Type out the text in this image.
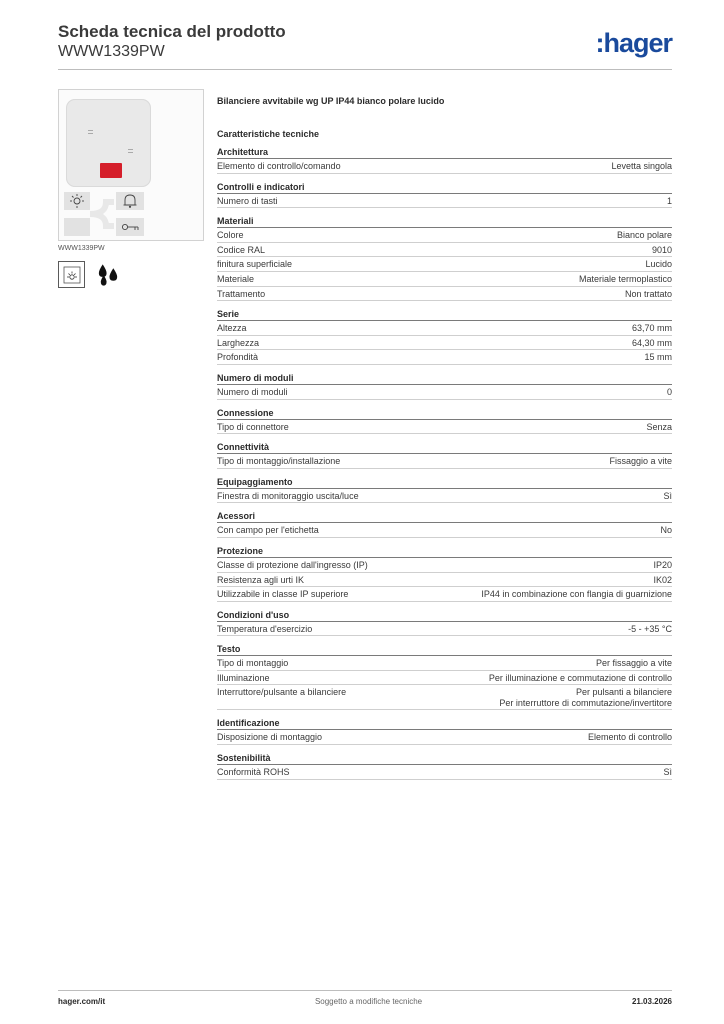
Scheda tecnica del prodotto
WWW1339PW	:hager
WWW1339PW
Bilanciere avvitabile wg UP IP44 bianco polare lucido
Caratteristiche tecniche
Architettura
Elemento di controllo/comando	Levetta singola
Controlli e indicatori
Numero di tasti	1
Materiali
Colore	Bianco polare
Codice RAL	9010
finitura superficiale	Lucido
Materiale	Materiale termoplastico
Trattamento	Non trattato
Serie
Altezza	63,70 mm
Larghezza	64,30 mm
Profondità	15 mm
Numero di moduli
Numero di moduli	0
Connessione
Tipo di connettore	Senza
Connettività
Tipo di montaggio/installazione	Fissaggio a vite
Equipaggiamento
Finestra di monitoraggio uscita/luce	Sì
Acessori
Con campo per l'etichetta	No
Protezione
Classe di protezione dall'ingresso (IP)	IP20
Resistenza agli urti IK	IK02
Utilizzabile in classe IP superiore	IP44 in combinazione con flangia di guarnizione
Condizioni d'uso
Temperatura d'esercizio	-5 - +35 °C
Testo
Tipo di montaggio	Per fissaggio a vite
Illuminazione	Per illuminazione e commutazione di controllo
Interruttore/pulsante a bilanciere	Per pulsanti a bilanciere
Per interruttore di commutazione/invertitore
Identificazione
Disposizione di montaggio	Elemento di controllo
Sostenibilità
Conformità ROHS	Sì
hager.com/it	Soggetto a modifiche tecniche	21.03.2026
